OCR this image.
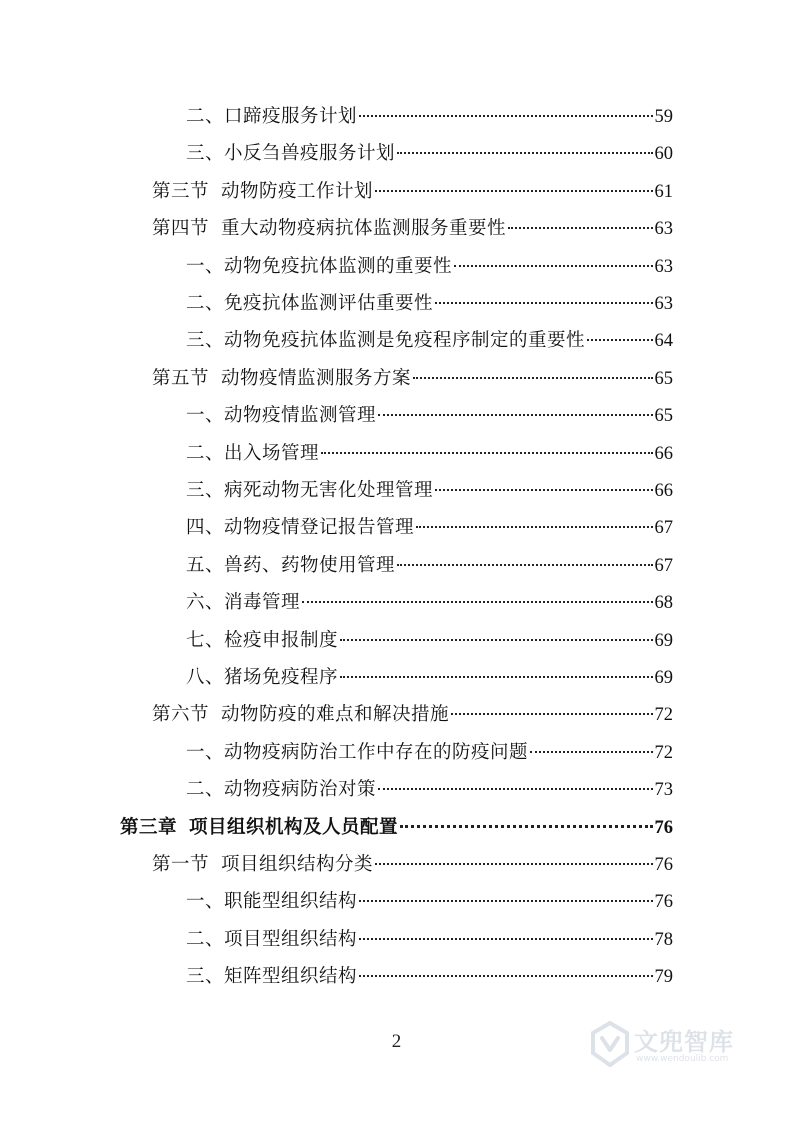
二、口蹄疫服务计划	59
三、小反刍兽疫服务计划	60
第三节 动物防疫工作计划	61
第四节 重大动物疫病抗体监测服务重要性	63
一、动物免疫抗体监测的重要性	63
二、免疫抗体监测评估重要性	63
三、动物免疫抗体监测是免疫程序制定的重要性	64
第五节 动物疫情监测服务方案	65
一、动物疫情监测管理	65
二、出入场管理	66
三、病死动物无害化处理管理	66
四、动物疫情登记报告管理	67
五、兽药、药物使用管理	67
六、消毒管理	68
七、检疫申报制度	69
八、猪场免疫程序	69
第六节 动物防疫的难点和解决措施	72
一、动物疫病防治工作中存在的防疫问题	72
二、动物疫病防治对策	73
第三章 项目组织机构及人员配置	76
第一节 项目组织结构分类	76
一、职能型组织结构	76
二、项目型组织结构	78
三、矩阵型组织结构	79
2	文兜智库
www.wendoulib.com
